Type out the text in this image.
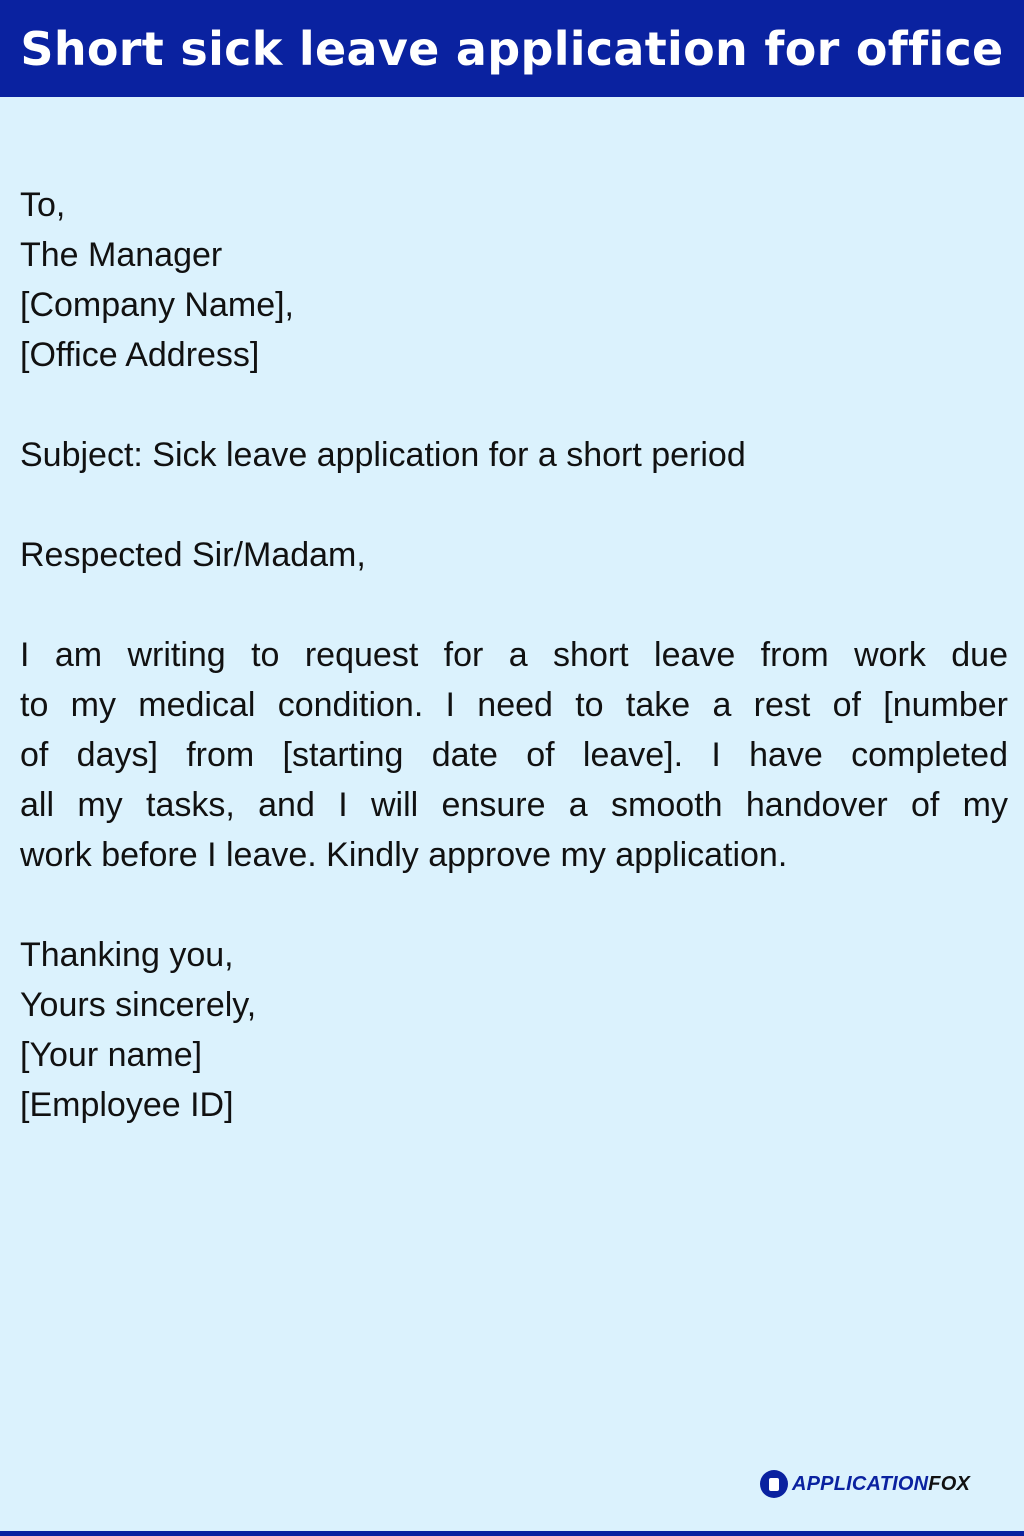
Short sick leave application for office
To,
The Manager
[Company Name],
[Office Address]
Subject: Sick leave application for a short period
Respected Sir/Madam,
I am writing to request for a short leave from work due
to my medical condition. I need to take a rest of [number
of days] from [starting date of leave]. I have completed
all my tasks, and I will ensure a smooth handover of my
work before I leave. Kindly approve my application.
Thanking you,
Yours sincerely,
[Your name]
[Employee ID]
APPLICATIONFOX
